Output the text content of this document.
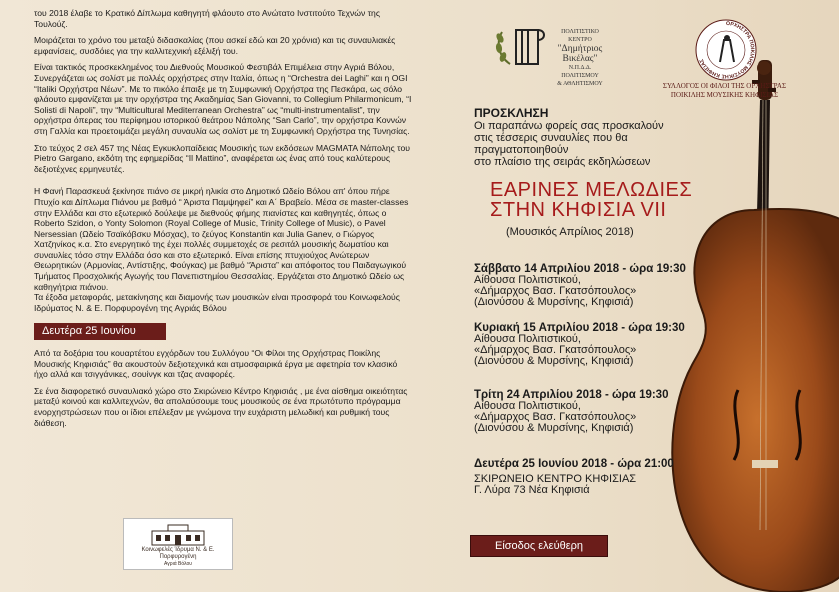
του 2018 έλαβε το Κρατικό Δίπλωμα καθηγητή φλάουτο στο Ανώτατο Ινστιτούτο Τεχνών της Τουλούζ.

Μοιράζεται το χρόνο του μεταξύ διδασκαλίας (που ασκεί εδώ και 20 χρόνια) και τις συναυλιακές εμφανίσεις, συσδόιες για την καλλιτεχνική εξέλιξή του.

Είναι τακτικός προσκεκλημένος του Διεθνούς Μουσικού Φεστιβάλ Επιμέλεια στην Αγριά Βόλου, Συνεργάζεται ως σολίστ με πολλές ορχήστρες στην Ιταλία, όπως η “Orchestra dei Laghi” και η OGI “Italiki Ορχήστρα Νέων”. Με το πικόλο έπαιξε με τη Συμφωνική Ορχήστρα της Πεσκάρα, ως σόλο φλάουτο εμφανίζεται με την ορχήστρα της Ακαδημίας San Giovanni, το Collegium Philarmonicum, “I Solisti di Napoli”, την “Multicultural Mediterranean Orchestra” ως “multi-instrumentalist”, την ορχήστρα όπερας του περίφημου ιστορικού θεάτρου Νάπολης “San Carlo”, την ορχήστρα Κοννών στη Γαλλία και προετοιμάζει μεγάλη συναυλία ως σολίστ με τη Συμφωνική Ορχήστρα της Τυνησίας.

Στο τεύχος 2 σελ 457 της Νέας Εγκυκλοπαίδειας Μουσικής των εκδόσεων MAGMATA Νάπολης του Pietro Gargano, εκδότη της εφημερίδας “Il Mattino”, αναφέρεται ως ένας από τους καλύτερους δεξιοτέχνες ερμηνευτές.

Η Φανή Παρασκευά ξεκίνησε πιάνο σε μικρή ηλικία στο Δημοτικό Ωδείο Βόλου απ' όπου πήρε Πτυχίο και Δίπλωμα Πιάνου με βαθμό “ Άριστα Παμψηφεί” και Α΄ Βραβείο. Μέσα σε master-classes στην Ελλάδα και στο εξωτερικό δούλεψε με διεθνούς φήμης πιανίστες και καθηγητές, όπως ο Roberto Szidon, ο Yonty Solomon (Royal College of Music, Trinity College of Music), o Pavel Nersessian (Ωδείο Τσαϊκόβσκυ Μόσχας), το ζεύγος Konstantin και Julia Ganev, ο Γιώργος Χατζηνίκος κ.α. Στο ενεργητικό της έχει πολλές συμμετοχές σε ρεσιτάλ μουσικής δωματίου και συναυλίες τόσο στην Ελλάδα όσο και στο εξωτερικό. Είναι επίσης πτυχιούχος Ανώτερων Θεωρητικών (Αρμονίας, Αντίστιξης, Φούγκας) με βαθμό “Άριστα” και απόφοιτος του Παιδαγωγικού Τμήματος Προσχολικής Αγωγής του Πανεπιστημίου Θεσσαλίας. Εργάζεται στο Δημοτικό Ωδείο ως καθηγήτρια πιάνου.

Τα έξοδα μεταφοράς, μετακίνησης και διαμονής των μουσικών είναι προσφορά του Κοινωφελούς Ιδρύματος Ν. & Ε. Πορφυρογένη της Αγριάς Βόλου

Δευτέρα 25 Ιουνίου

Από τα δοξάρια του κουαρτέτου εγχόρδων του Συλλόγου “Οι Φίλοι της Ορχήστρας Ποικίλης Μουσικής Κηφισιάς” θα ακουστούν δεξιοτεχνικά και ατμοσφαιρικά έργα με αφετηρία τον κλασικό ήχο αλλά και τσιγγάνικες, σουίνγκ και τζας αναφορές.

Σε ένα διαφορετικό συναυλιακό χώρο στο Σκιρώνειο Κέντρο Κηφισιάς , με ένα αίσθημα οικειότητας μεταξύ κοινού και καλλιτεχνών, θα απολαύσουμε τους μουσικούς σε ένα πρωτότυπο πρόγραμμα ενορχηστρώσεων που οι ίδιοι επέλεξαν με γνώμονα την ευχάριστη μελωδική και ρυθμική τους διάθεση.

Κοινωφελές Ίδρυμα Ν. & Ε. Πορφυρογένη
Αγριά Βόλου
ΠΟΛΙΤΙΣΤΙΚΟ ΚΕΝΤΡΟ
"Δημήτριος
Βικέλας"
Ν.Π.Δ.Δ. ΠΟΛΙΤΙΣΜΟΥ
& ΑΘΛΗΤΙΣΜΟΥ
ΟΡΧΗΣΤΡΑ ΠΟΙΚΙΛΗΣ ΜΟΥΣΙΚΗΣ ΚΗΦΙΣΙΑΣ
ΣΥΛΛΟΓΟΣ ΟΙ ΦΙΛΟΙ ΤΗΣ ΟΡΧΗΣΤΡΑΣ
ΠΟΙΚΙΛΗΣ ΜΟΥΣΙΚΗΣ ΚΗΦΙΣΙΑΣ
ΠΡΟΣΚΛΗΣΗ
Οι παραπάνω φορείς σας προσκαλούν
στις τέσσερις συναυλίες που θα πραγματοποιηθούν
στο πλαίσιο της σειράς εκδηλώσεων
ΕΑΡΙΝΕΣ ΜΕΛΩΔΙΕΣ
ΣΤΗΝ ΚΗΦΙΣΙΑ VII
(Μουσικός Απρίλιος 2018)
Σάββατο 14 Απριλίου 2018 - ώρα 19:30
Αίθουσα Πολιτιστικού,
«Δήμαρχος Βασ. Γκατσόπουλος»
(Διονύσου & Μυρσίνης, Κηφισιά)
Κυριακή 15 Απριλίου 2018 - ώρα 19:30
Αίθουσα Πολιτιστικού,
«Δήμαρχος Βασ. Γκατσόπουλος»
(Διονύσου & Μυρσίνης, Κηφισιά)
Τρίτη 24 Απριλίου 2018 - ώρα 19:30
Αίθουσα Πολιτιστικού,
«Δήμαρχος Βασ. Γκατσόπουλος»
(Διονύσου & Μυρσίνης, Κηφισιά)
Δευτέρα 25 Ιουνίου 2018 - ώρα 21:00
ΣΚΙΡΩΝΕΙΟ ΚΕΝΤΡΟ ΚΗΦΙΣΙΑΣ
Γ. Λύρα 73 Νέα Κηφισιά
Είσοδος ελεύθερη
